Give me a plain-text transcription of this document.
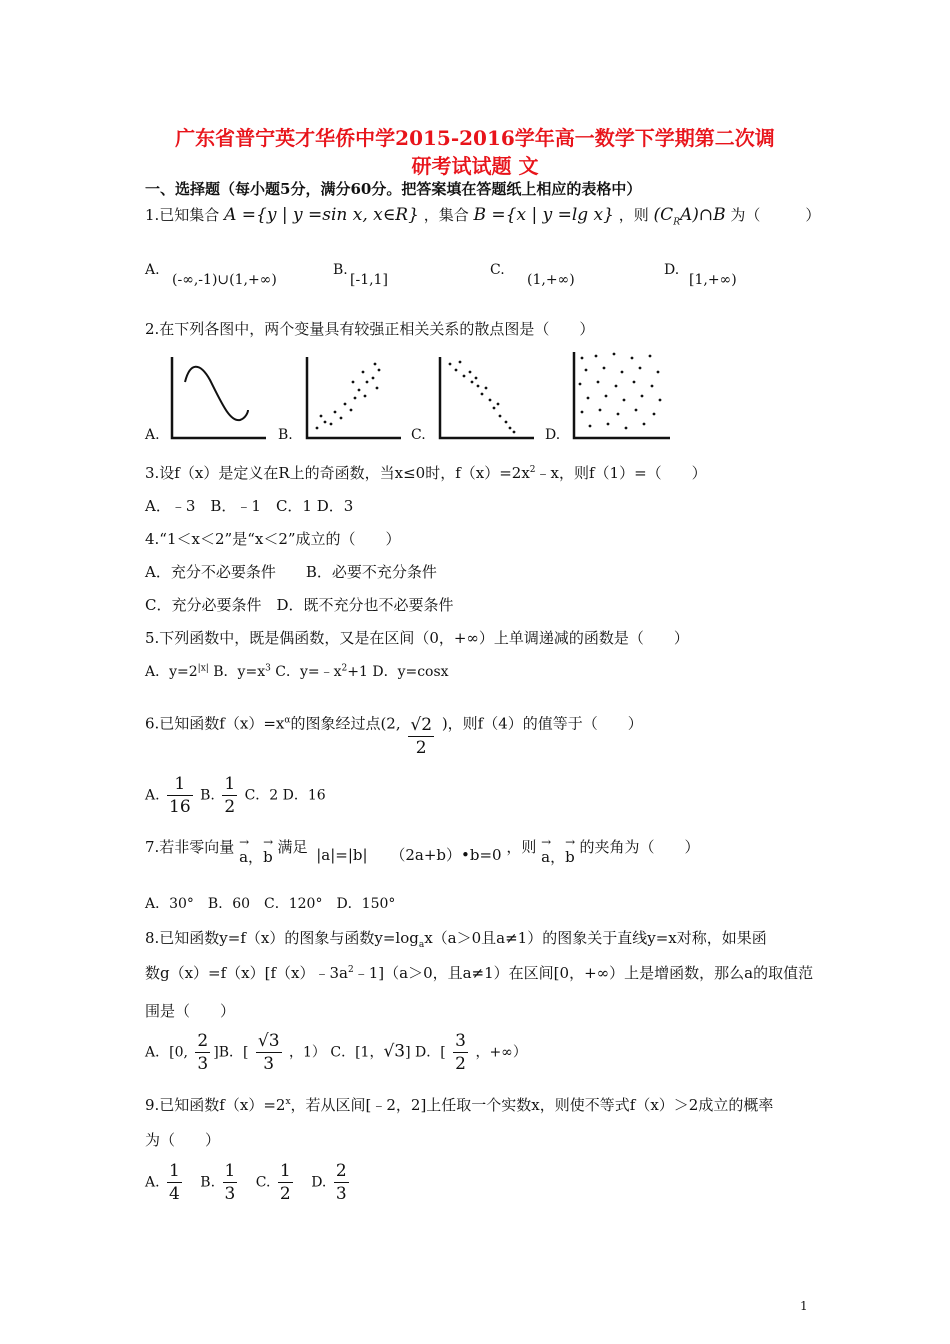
广东省普宁英才华侨中学2015-2016学年高一数学下学期第二次调
研考试试题 文
一、选择题（每小题5分，满分60分。把答案填在答题纸上相应的表格中）
1.已知集合 A ={y | y =sin x, x∈R} ，集合 B ={x | y =lg x} ，则 $(C_RA)\cap B$ 为（　　　）
A.
(-∞,-1)∪(1,+∞)
B.
[-1,1]
C.
(1,+∞)
D.
[1,+∞)
2.在下列各图中，两个变量具有较强正相关关系的散点图是（　　）
A.	B.	C.	D.
3.设f（x）是定义在R上的奇函数，当x≤0时，$f(x)=2x^2﹣x$，则f（1）=（　　）
A．﹣3　B．﹣1　C．1 D．3
4.“1＜x＜2”是“x＜2”成立的（　　）
A．充分不必要条件　　B．必要不充分条件
C．充分必要条件　D．既不充分也不必要条件
5.下列函数中，既是偶函数，又是在区间（0，+∞）上单调递减的函数是（　　）
A．$y=2^{|x|}$ B．$y=x^3$ C．$y=﹣x^2+1$ D．y=cosx
6.已知函数$f(x)=x^\alpha$的图象经过点(2, $\frac{√2}{2}$ )，则f（4）的值等于（　　）
A. $\frac{1}{16} B$. $\frac{1}{2}$ C．2 D．16
7.若非零向量 → a，→ b 满足 |a|=|b| （2a+b）•b=0 ，则 → a，→ b 的夹角为（　　）
A．30°　B．60　C．120°　D．150°
8.已知函数y=f（x）的图象与函数$y=\log_ax(a>0$且a≠1）的图象关于直线y=x对称，如果函
数$g(x)=f(x)[f(x)﹣3a^2﹣1](a>0$，且a≠1）在区间[0，+∞）上是增函数，那么a的取值范
围是（　　）
A．[0, $\frac{2}{3} ]B$．[ $\frac{√3}{3}$ ，1） C．[1，√3] D．[ $\frac{3}{2}$ ，+∞）
9.已知函数$f(x)=2^x$，若从区间[﹣2，2]上任取一个实数x，则使不等式f（x）＞2成立的概率
为（　　）
A. $\frac{1}{4} B$. $\frac{1}{3} C$. $\frac{1}{2} D$. $\frac{2}{3}$
1
